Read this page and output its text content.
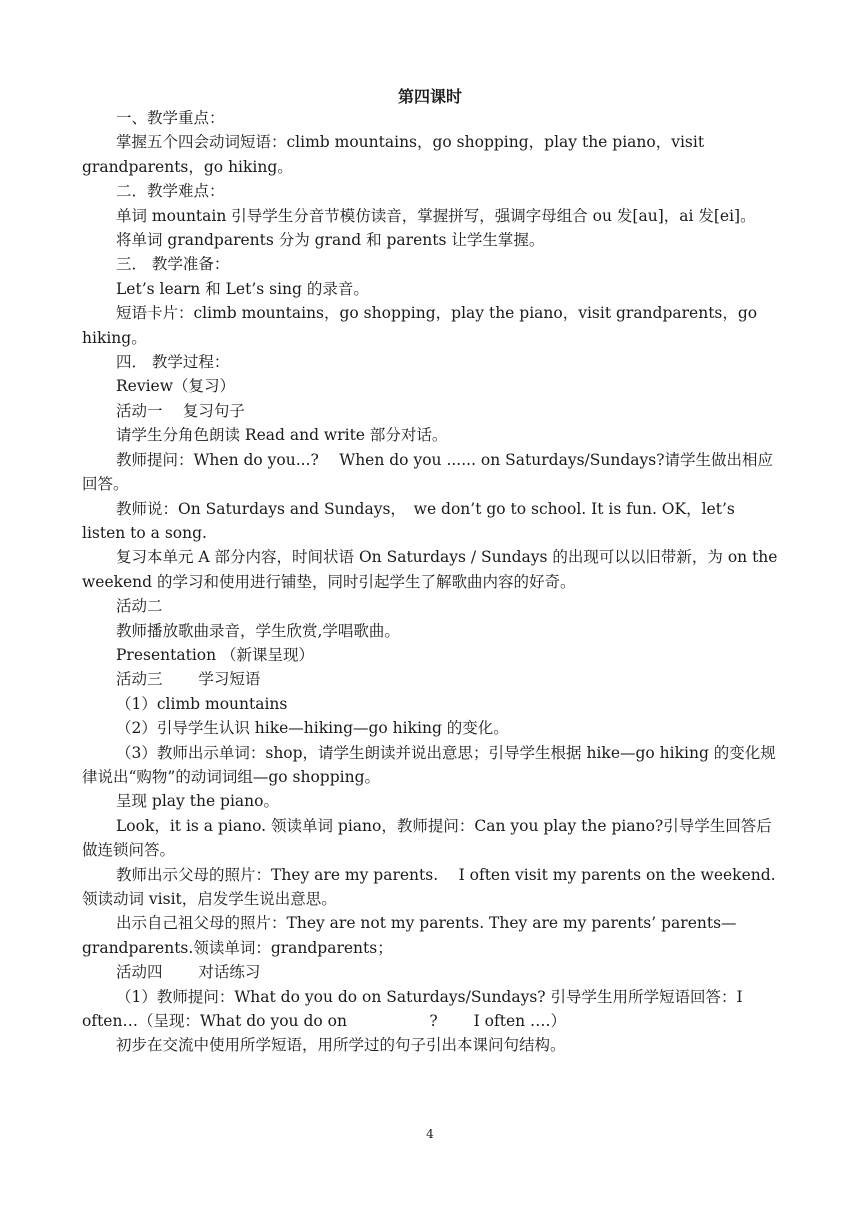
第四课时

一、教学重点：

掌握五个四会动词短语：climb mountains，go shopping，play the piano，visit grandparents，go hiking。

二．教学难点：

单词 mountain 引导学生分音节模仿读音，掌握拼写，强调字母组合 ou 发[au]，ai 发[ei]。

将单词 grandparents 分为 grand 和 parents 让学生掌握。

三． 教学准备：

Let’s learn 和 Let’s sing 的录音。

短语卡片：climb mountains，go shopping，play the piano，visit grandparents，go hiking。

四． 教学过程：

Review（复习）

活动一　 复习句子

请学生分角色朗读 Read and write 部分对话。

教师提问：When do you...?　 When do you ...... on Saturdays/Sundays?请学生做出相应回答。

教师说：On Saturdays and Sundays，　we don’t go to school. It is fun. OK，let’s listen to a song.

复习本单元 A 部分内容，时间状语 On Saturdays / Sundays 的出现可以以旧带新，为 on the weekend 的学习和使用进行铺垫，同时引起学生了解歌曲内容的好奇。

活动二

教师播放歌曲录音，学生欣赏,学唱歌曲。

Presentation （新课呈现）

活动三　　 学习短语

（1）climb mountains

（2）引导学生认识 hike—hiking—go hiking 的变化。

（3）教师出示单词：shop，请学生朗读并说出意思；引导学生根据 hike—go hiking 的变化规律说出“购物”的动词词组—go shopping。

呈现 play the piano。

Look，it is a piano. 领读单词 piano，教师提问：Can you play the piano?引导学生回答后做连锁问答。

教师出示父母的照片：They are my parents.　 I often visit my parents on the weekend. 领读动词 visit，启发学生说出意思。

出示自己祖父母的照片：They are not my parents. They are my parents’ parents—grandparents.领读单词：grandparents；

活动四　　 对话练习

（1）教师提问：What do you do on Saturdays/Sundays? 引导学生用所学短语回答：I often…（呈现：What do you do on　　　　　 ?　　 I often ….）

初步在交流中使用所学短语，用所学过的句子引出本课问句结构。

4
